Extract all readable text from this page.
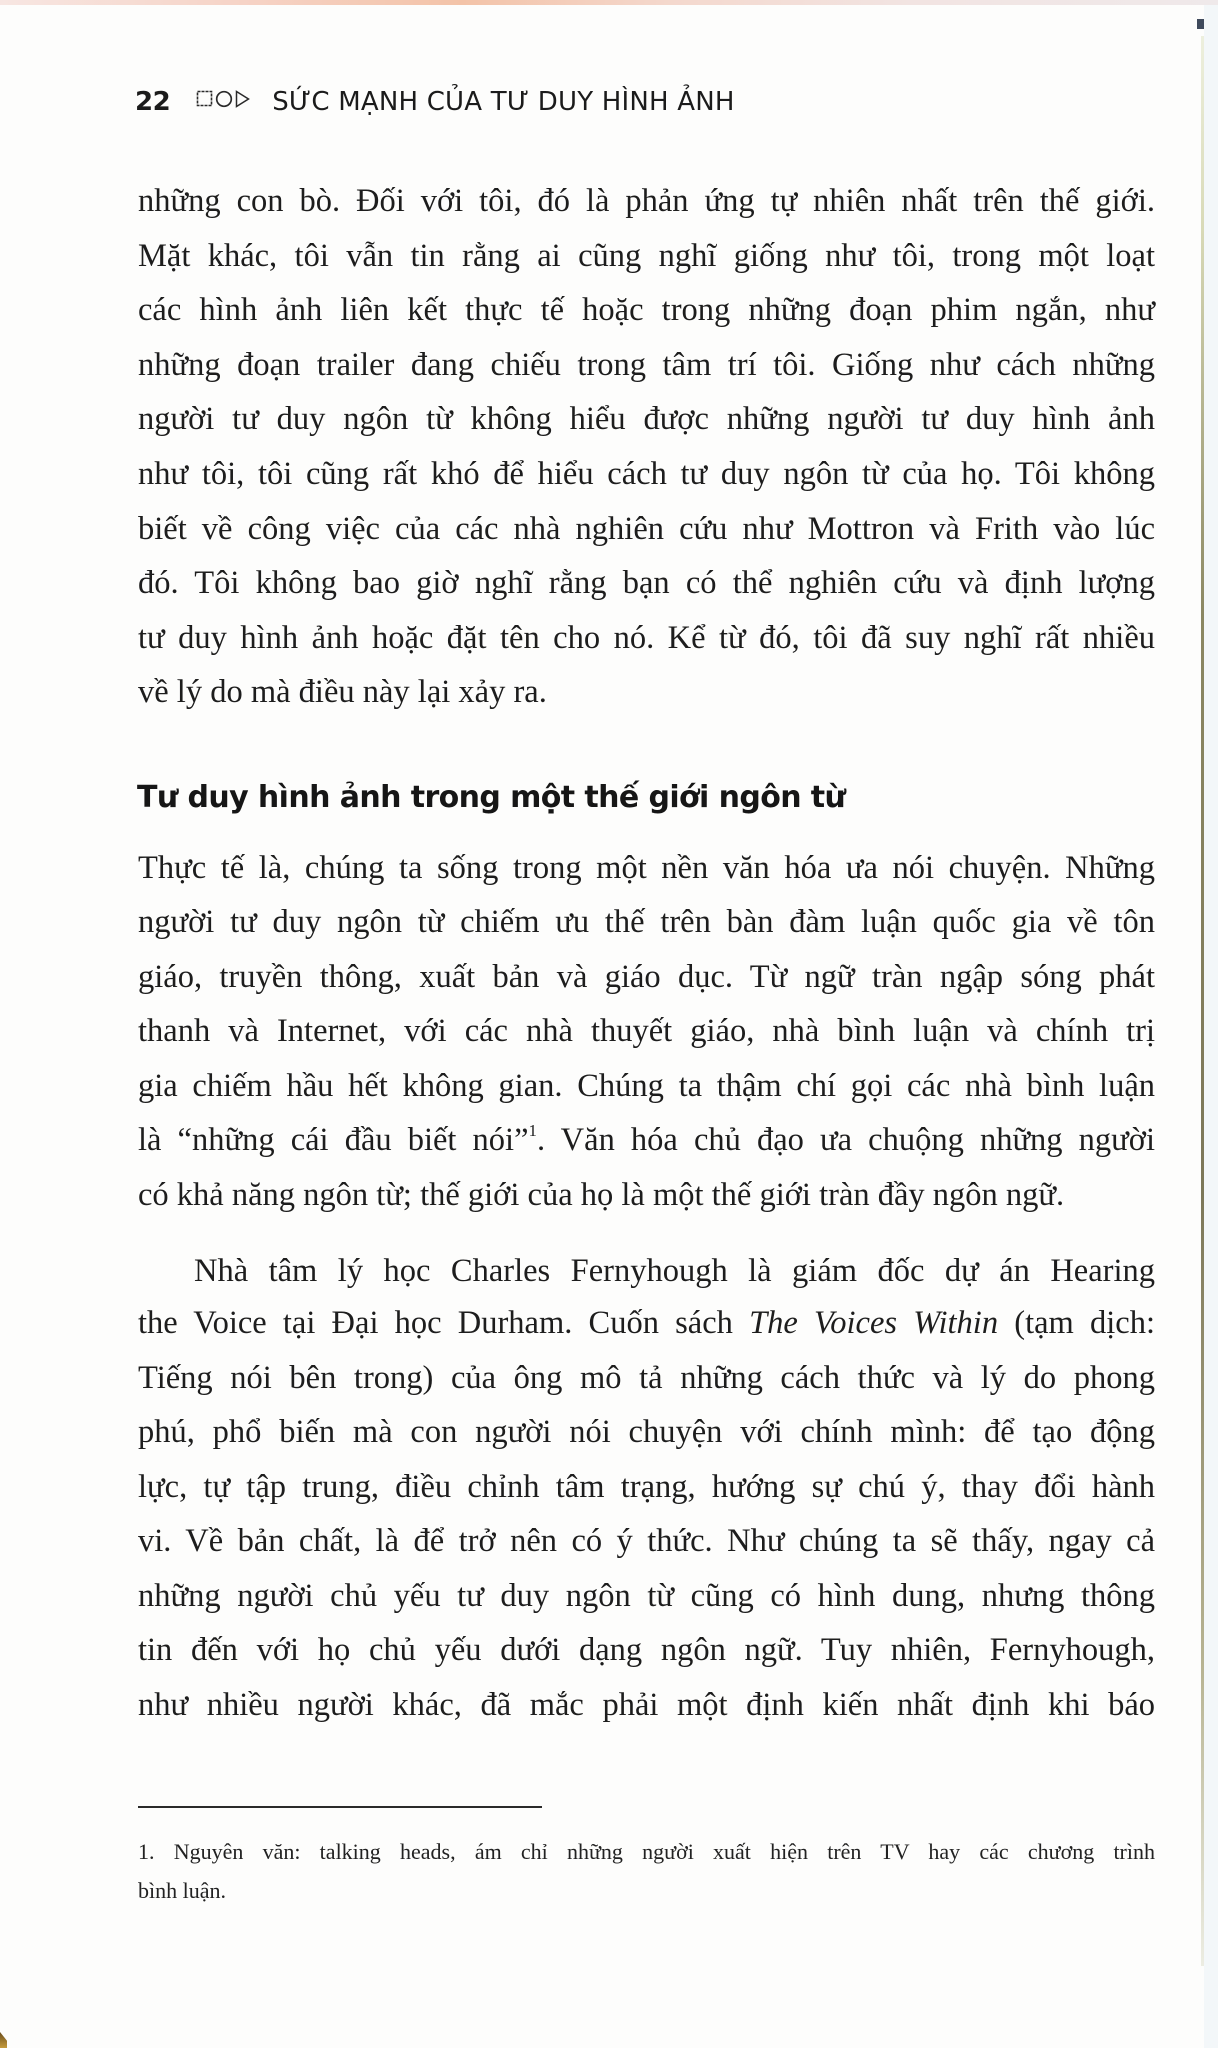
22	SỨC MẠNH CỦA TƯ DUY HÌNH ẢNH
những con bò. Đối với tôi, đó là phản ứng tự nhiên nhất trên thế giới.
Mặt khác, tôi vẫn tin rằng ai cũng nghĩ giống như tôi, trong một loạt
các hình ảnh liên kết thực tế hoặc trong những đoạn phim ngắn, như
những đoạn trailer đang chiếu trong tâm trí tôi. Giống như cách những
người tư duy ngôn từ không hiểu được những người tư duy hình ảnh
như tôi, tôi cũng rất khó để hiểu cách tư duy ngôn từ của họ. Tôi không
biết về công việc của các nhà nghiên cứu như Mottron và Frith vào lúc
đó. Tôi không bao giờ nghĩ rằng bạn có thể nghiên cứu và định lượng
tư duy hình ảnh hoặc đặt tên cho nó. Kể từ đó, tôi đã suy nghĩ rất nhiều
về lý do mà điều này lại xảy ra.
Tư duy hình ảnh trong một thế giới ngôn từ
Thực tế là, chúng ta sống trong một nền văn hóa ưa nói chuyện. Những
người tư duy ngôn từ chiếm ưu thế trên bàn đàm luận quốc gia về tôn
giáo, truyền thông, xuất bản và giáo dục. Từ ngữ tràn ngập sóng phát
thanh và Internet, với các nhà thuyết giáo, nhà bình luận và chính trị
gia chiếm hầu hết không gian. Chúng ta thậm chí gọi các nhà bình luận
là “những cái đầu biết nói”$^1$. Văn hóa chủ đạo ưa chuộng những người
có khả năng ngôn từ; thế giới của họ là một thế giới tràn đầy ngôn ngữ.
Nhà tâm lý học Charles Fernyhough là giám đốc dự án Hearing
the Voice tại Đại học Durham. Cuốn sách The Voices Within (tạm dịch:
Tiếng nói bên trong) của ông mô tả những cách thức và lý do phong
phú, phổ biến mà con người nói chuyện với chính mình: để tạo động
lực, tự tập trung, điều chỉnh tâm trạng, hướng sự chú ý, thay đổi hành
vi. Về bản chất, là để trở nên có ý thức. Như chúng ta sẽ thấy, ngay cả
những người chủ yếu tư duy ngôn từ cũng có hình dung, nhưng thông
tin đến với họ chủ yếu dưới dạng ngôn ngữ. Tuy nhiên, Fernyhough,
như nhiều người khác, đã mắc phải một định kiến nhất định khi báo
1. Nguyên văn: talking heads, ám chỉ những người xuất hiện trên TV hay các chương trình
bình luận.
